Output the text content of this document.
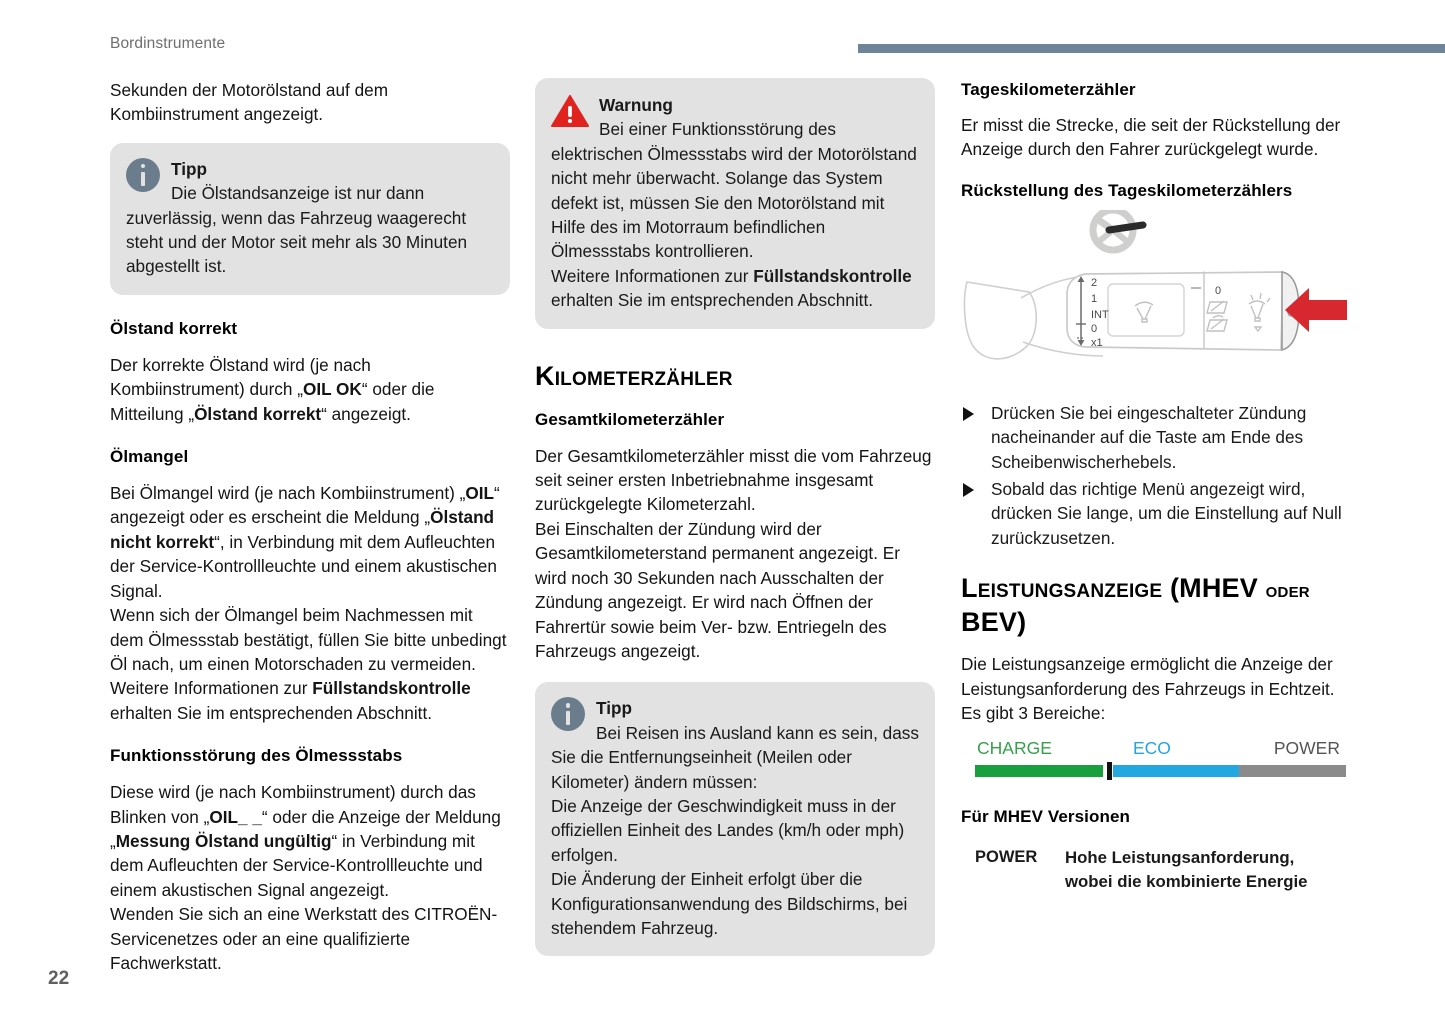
Bordinstrumente

Sekunden der Motorölstand auf dem
Kombiinstrument angezeigt.

Tipp
Die Ölstandsanzeige ist nur dann zuverlässig, wenn das Fahrzeug waagerecht steht und der Motor seit mehr als 30 Minuten abgestellt ist.
Ölstand korrekt

Der korrekte Ölstand wird (je nach Kombiinstrument) durch „OIL OK“ oder die Mitteilung „Ölstand korrekt“ angezeigt.

Ölmangel

Bei Ölmangel wird (je nach Kombiinstrument) „OIL“ angezeigt oder es erscheint die Meldung „Ölstand nicht korrekt“, in Verbindung mit dem Aufleuchten der Service-Kontrollleuchte und einem akustischen Signal.

Wenn sich der Ölmangel beim Nachmessen mit dem Ölmessstab bestätigt, füllen Sie bitte unbedingt Öl nach, um einen Motorschaden zu vermeiden.

Weitere Informationen zur Füllstandskontrolle erhalten Sie im entsprechenden Abschnitt.

Funktionsstörung des Ölmessstabs

Diese wird (je nach Kombiinstrument) durch das Blinken von „OIL_ _“ oder die Anzeige der Meldung „Messung Ölstand ungültig“ in Verbindung mit dem Aufleuchten der Service-Kontrollleuchte und einem akustischen Signal angezeigt.

Wenden Sie sich an eine Werkstatt des CITROËN-Servicenetzes oder an eine qualifizierte Fachwerkstatt.

Warnung
Bei einer Funktionsstörung des elektrischen Ölmessstabs wird der Motorölstand nicht mehr überwacht. Solange das System defekt ist, müssen Sie den Motorölstand mit Hilfe des im Motorraum befindlichen Ölmessstabs kontrollieren.
Weitere Informationen zur Füllstandskontrolle erhalten Sie im entsprechenden Abschnitt.
Kilometerzähler
Gesamtkilometerzähler

Der Gesamtkilometerzähler misst die vom Fahrzeug seit seiner ersten Inbetriebnahme insgesamt zurückgelegte Kilometerzahl.

Bei Einschalten der Zündung wird der Gesamtkilometerstand permanent angezeigt. Er wird noch 30 Sekunden nach Ausschalten der Zündung angezeigt. Er wird nach Öffnen der Fahrertür sowie beim Ver- bzw. Entriegeln des Fahrzeugs angezeigt.

Tipp
Bei Reisen ins Ausland kann es sein, dass Sie die Entfernungseinheit (Meilen oder Kilometer) ändern müssen:
Die Anzeige der Geschwindigkeit muss in der offiziellen Einheit des Landes (km/h oder mph) erfolgen.
Die Änderung der Einheit erfolgt über die Konfigurationsanwendung des Bildschirms, bei stehendem Fahrzeug.
Tageskilometerzähler

Er misst die Strecke, die seit der Rückstellung der Anzeige durch den Fahrer zurückgelegt wurde.

Rückstellung des Tageskilometerzählers
2
1
INT
0
x1
0
Drücken Sie bei eingeschalteter Zündung nacheinander auf die Taste am Ende des Scheibenwischerhebels.
Sobald das richtige Menü angezeigt wird, drücken Sie lange, um die Einstellung auf Null zurückzusetzen.
Leistungsanzeige (MHEV oder BEV)

Die Leistungsanzeige ermöglicht die Anzeige der Leistungsanforderung des Fahrzeugs in Echtzeit.

Es gibt 3 Bereiche:

CHARGE	ECO	POWER
Für MHEV Versionen
POWER	Hohe Leistungsanforderung,
wobei die kombinierte Energie
22
